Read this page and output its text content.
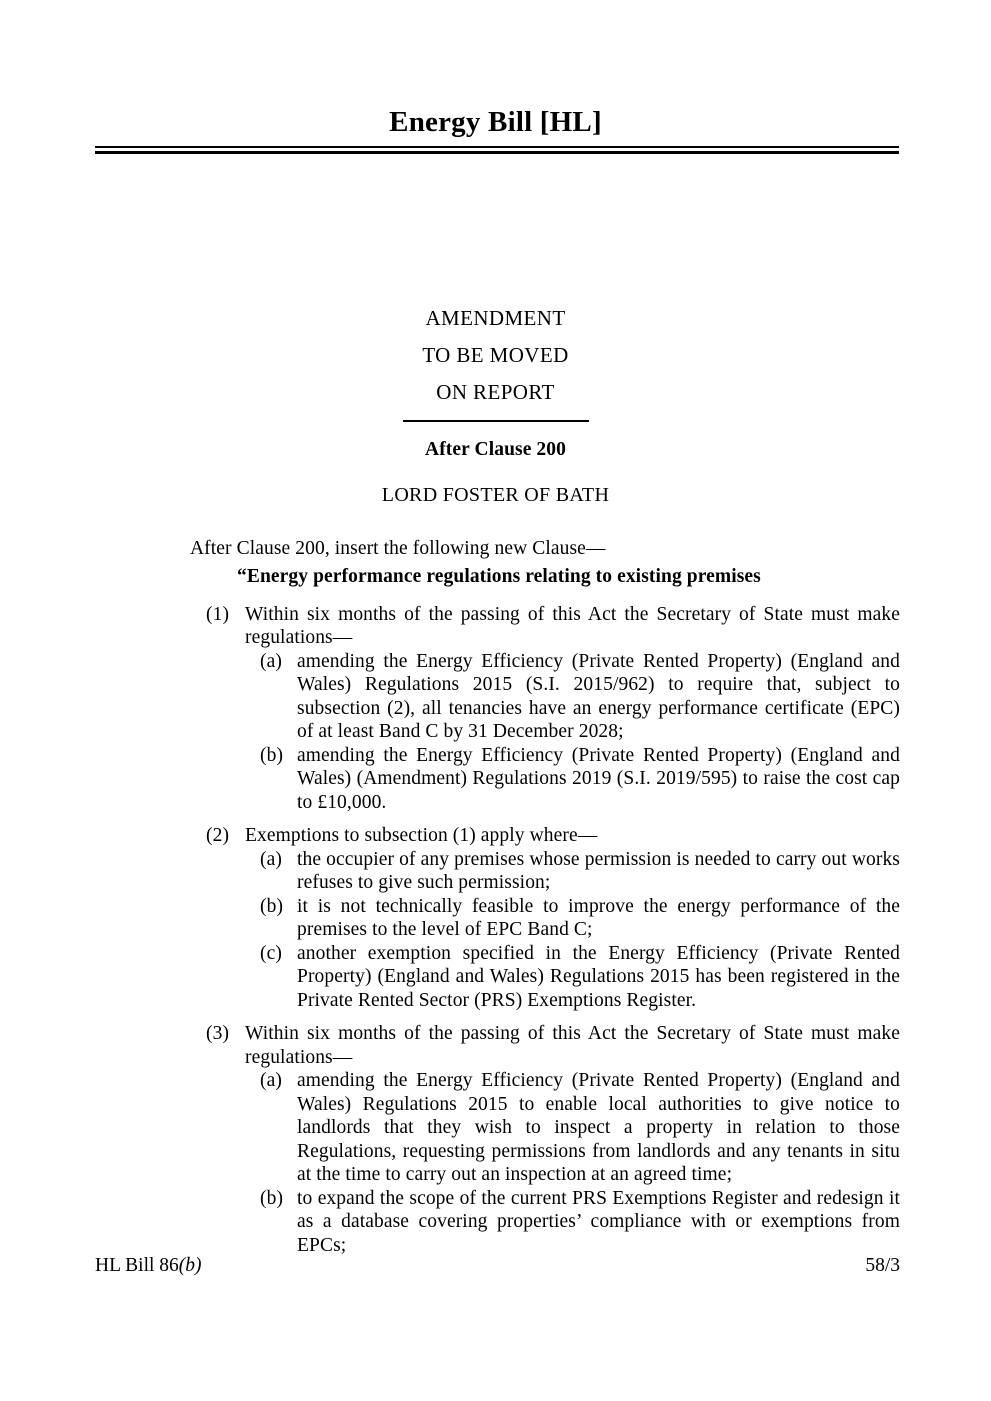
Energy Bill [HL]
AMENDMENT
TO BE MOVED
ON REPORT
After Clause 200
LORD FOSTER OF BATH

After Clause 200, insert the following new Clause—

“Energy performance regulations relating to existing premises

(1) Within six months of the passing of this Act the Secretary of State must make regulations—
(a) amending the Energy Efficiency (Private Rented Property) (England and Wales) Regulations 2015 (S.I. 2015/962) to require that, subject to subsection (2), all tenancies have an energy performance certificate (EPC) of at least Band C by 31 December 2028;
(b) amending the Energy Efficiency (Private Rented Property) (England and Wales) (Amendment) Regulations 2019 (S.I. 2019/595) to raise the cost cap to £10,000.
(2) Exemptions to subsection (1) apply where—
(a) the occupier of any premises whose permission is needed to carry out works refuses to give such permission;
(b) it is not technically feasible to improve the energy performance of the premises to the level of EPC Band C;
(c) another exemption specified in the Energy Efficiency (Private Rented Property) (England and Wales) Regulations 2015 has been registered in the Private Rented Sector (PRS) Exemptions Register.
(3) Within six months of the passing of this Act the Secretary of State must make regulations—
(a) amending the Energy Efficiency (Private Rented Property) (England and Wales) Regulations 2015 to enable local authorities to give notice to landlords that they wish to inspect a property in relation to those Regulations, requesting permissions from landlords and any tenants in situ at the time to carry out an inspection at an agreed time;
(b) to expand the scope of the current PRS Exemptions Register and redesign it as a database covering properties’ compliance with or exemptions from EPCs;
HL Bill 86(b)	58/3
